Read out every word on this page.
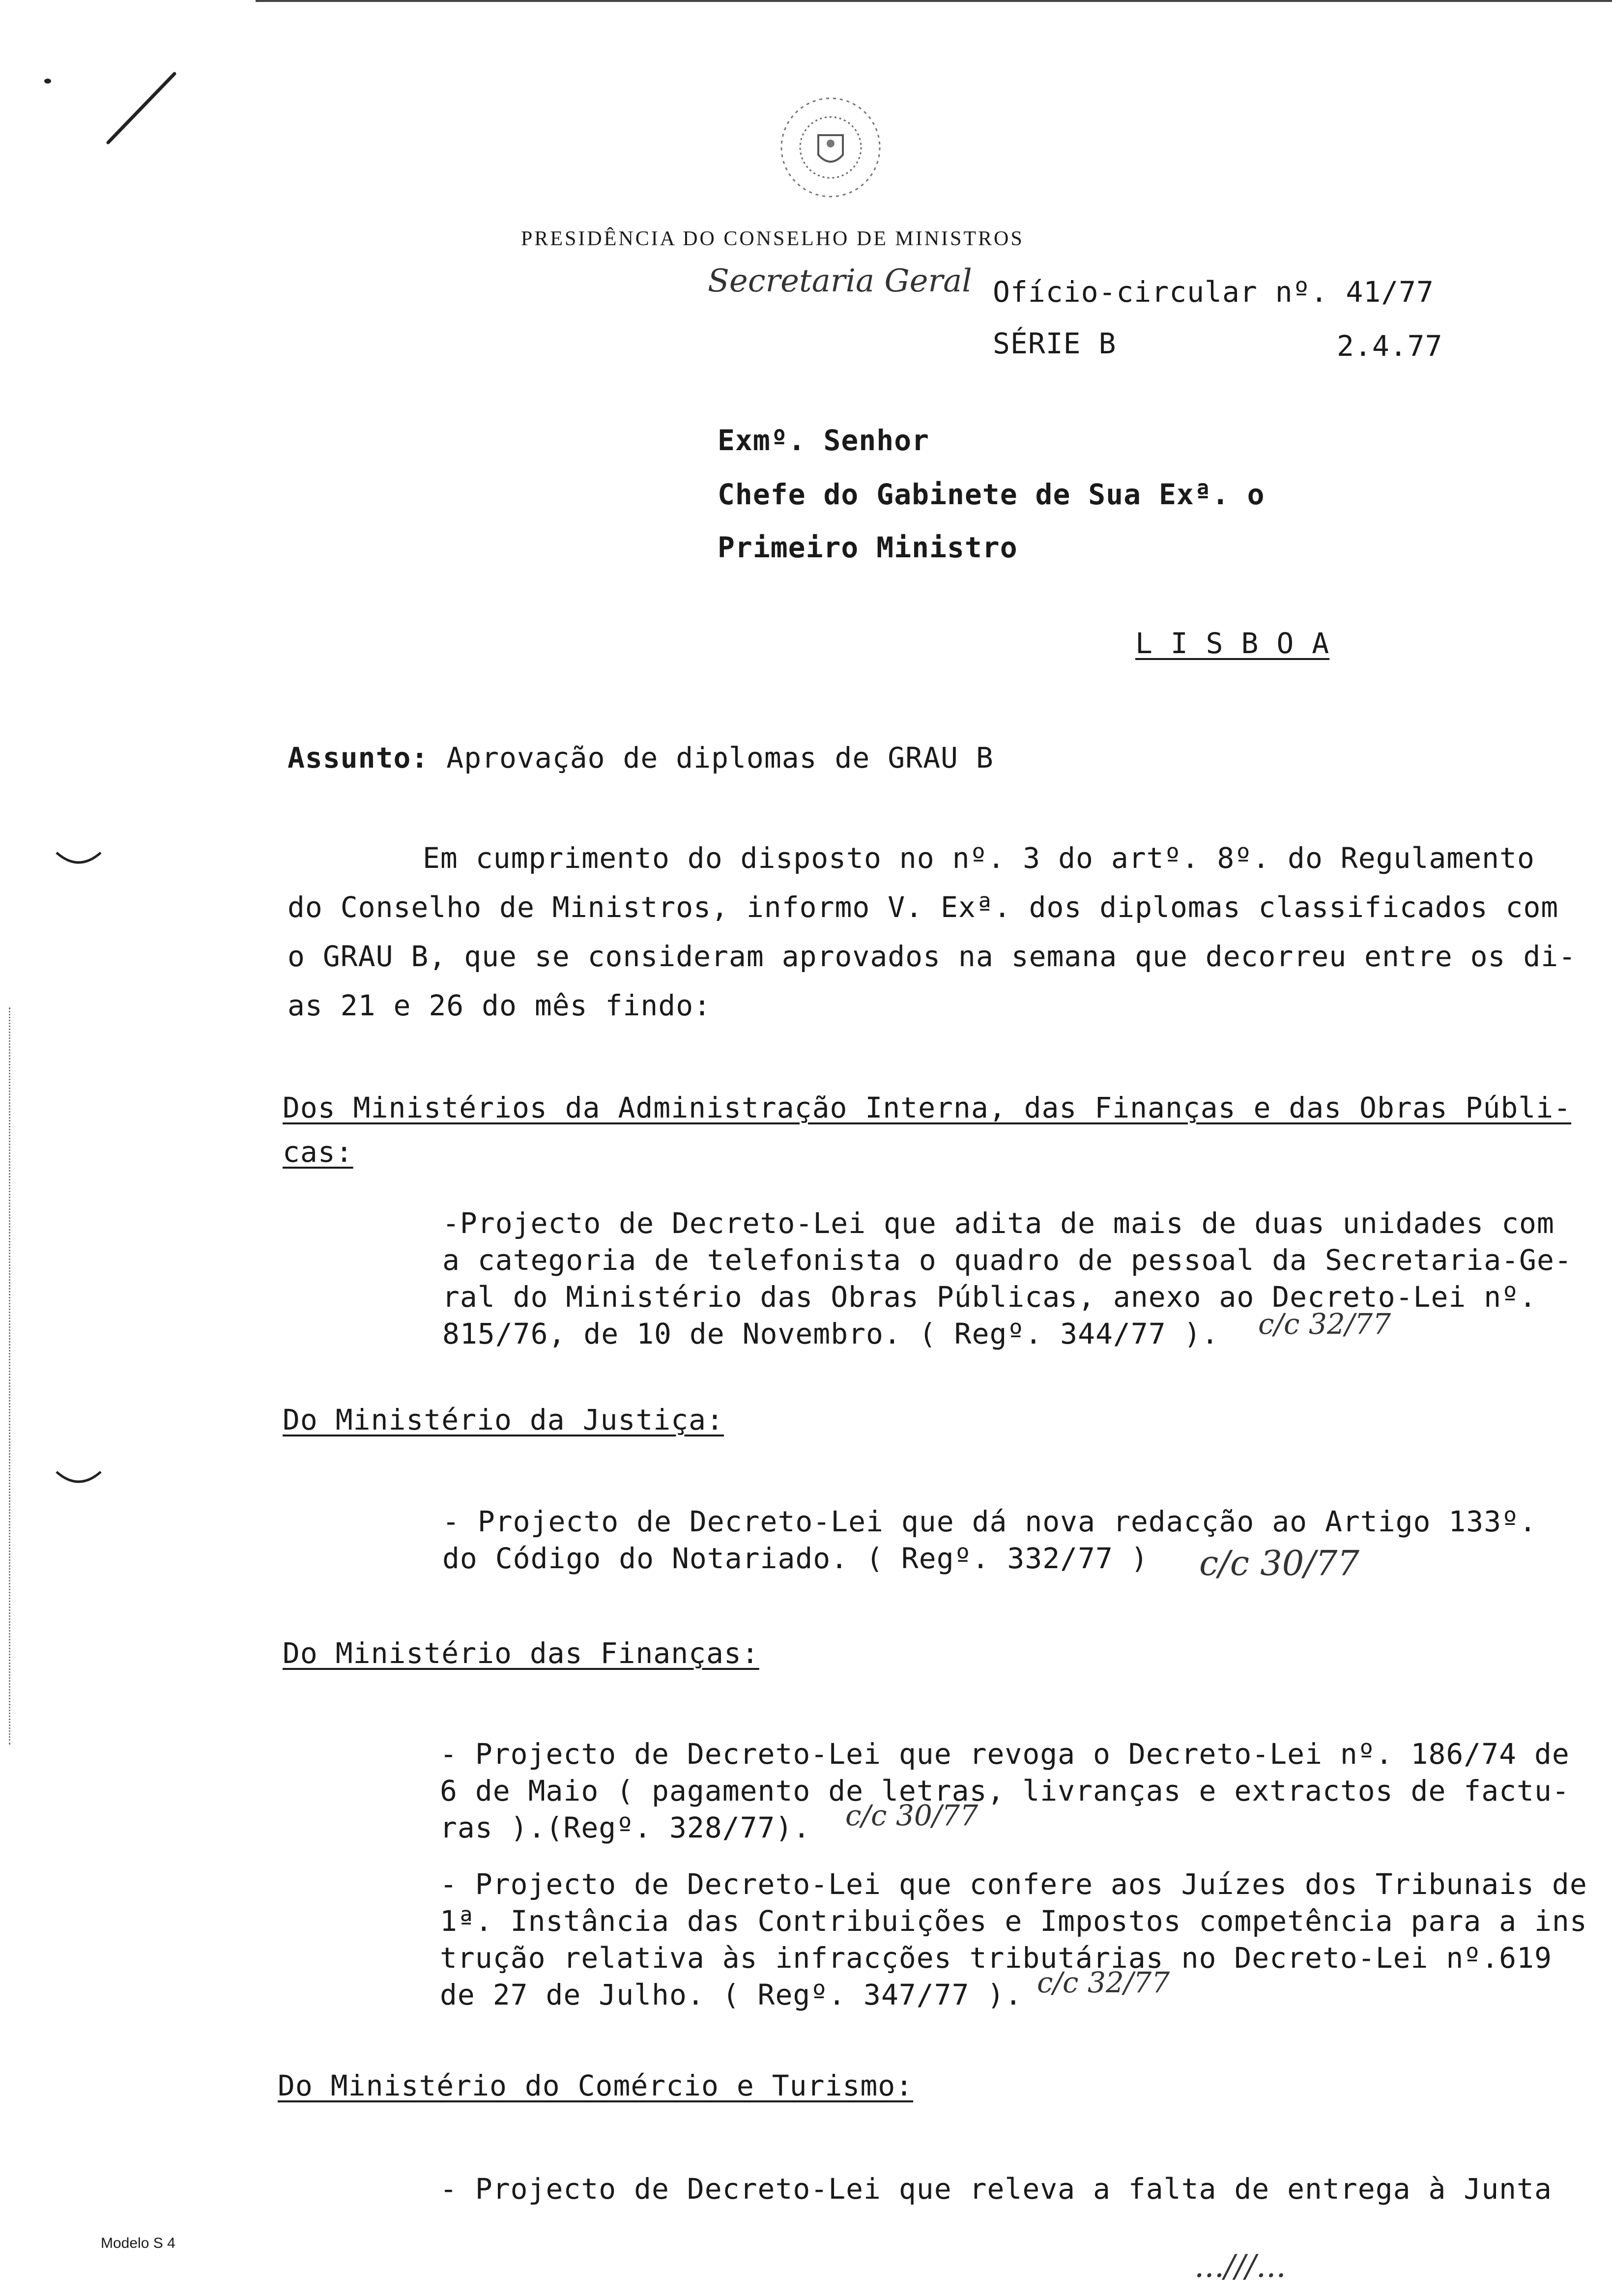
PRESIDÊNCIA DO CONSELHO DE MINISTROS
Secretaria Geral Ofício-circular nº. 41/77
SÉRIE B	2.4.77
Exmº. Senhor
Chefe do Gabinete de Sua Exª. o
Primeiro Ministro
L I S B O A
Assunto: Aprovação de diplomas de GRAU B
Em cumprimento do disposto no nº. 3 do artº. 8º. do Regulamento
do Conselho de Ministros, informo V. Exª. dos diplomas classificados com
o GRAU B, que se consideram aprovados na semana que decorreu entre os di-
as 21 e 26 do mês findo:
Dos Ministérios da Administração Interna, das Finanças e das Obras Públi-
cas:
-Projecto de Decreto-Lei que adita de mais de duas unidades com
a categoria de telefonista o quadro de pessoal da Secretaria-Ge-
ral do Ministério das Obras Públicas, anexo ao Decreto-Lei nº.
815/76, de 10 de Novembro. ( Regº. 344/77 ). c/c 32/77
Do Ministério da Justiça:
- Projecto de Decreto-Lei que dá nova redacção ao Artigo 133º.
do Código do Notariado. ( Regº. 332/77 ) c/c 30/77
Do Ministério das Finanças:
- Projecto de Decreto-Lei que revoga o Decreto-Lei nº. 186/74 de
6 de Maio ( pagamento de letras, livranças e extractos de factu-
ras ).(Regº. 328/77). c/c 30/77
- Projecto de Decreto-Lei que confere aos Juízes dos Tribunais de
1ª. Instância das Contribuições e Impostos competência para a ins
trução relativa às infracções tributárias no Decreto-Lei nº.619
de 27 de Julho. ( Regº. 347/77 ). c/c 32/77
Do Ministério do Comércio e Turismo:
- Projecto de Decreto-Lei que releva a falta de entrega à Junta
Modelo S 4
...///...
